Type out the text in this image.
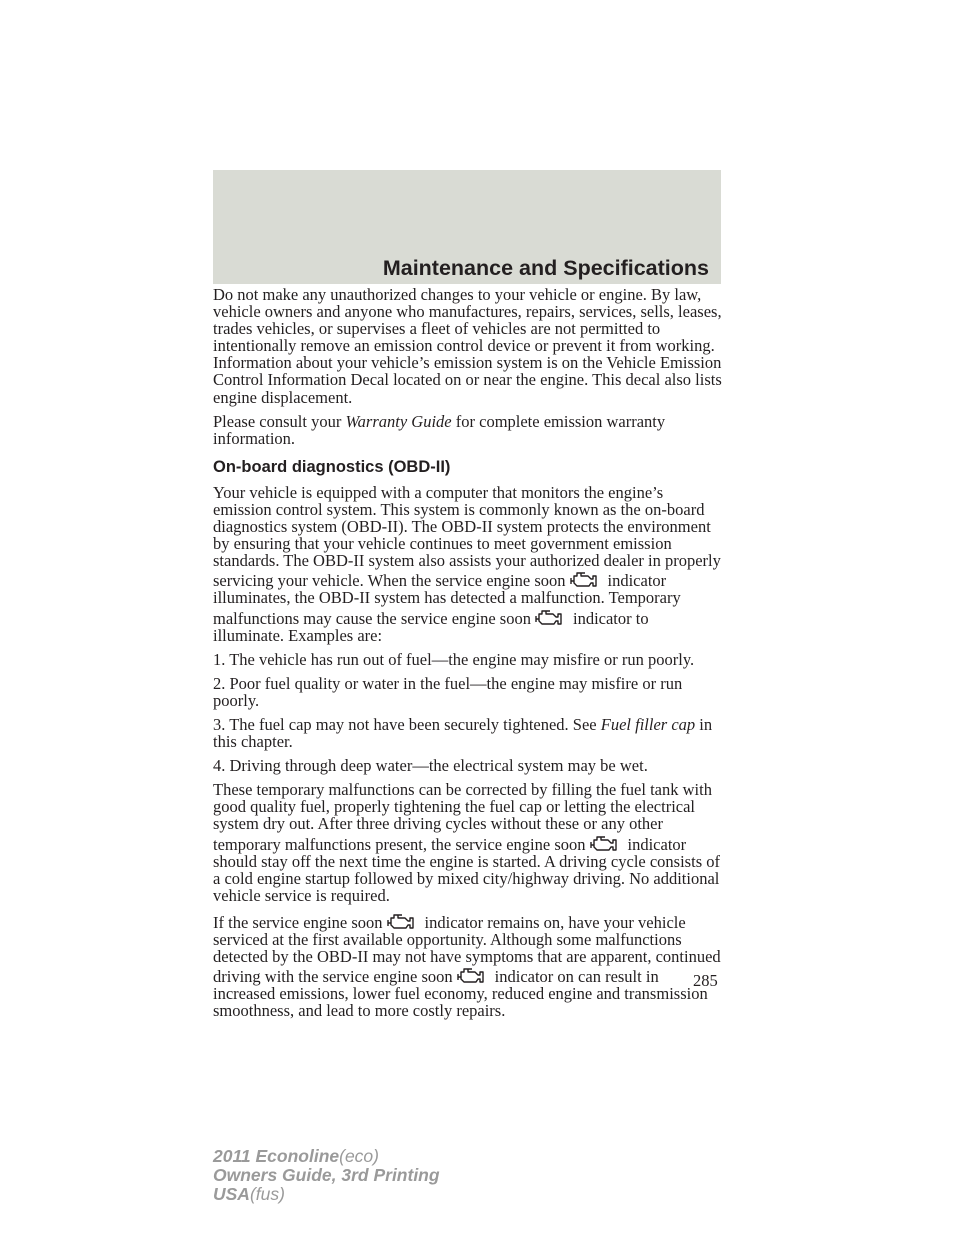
Maintenance and Specifications

Do not make any unauthorized changes to your vehicle or engine. By law, vehicle owners and anyone who manufactures, repairs, services, sells, leases, trades vehicles, or supervises a fleet of vehicles are not permitted to intentionally remove an emission control device or prevent it from working. Information about your vehicle’s emission system is on the Vehicle Emission Control Information Decal located on or near the engine. This decal also lists engine displacement.

Please consult your Warranty Guide for complete emission warranty information.

On-board diagnostics (OBD-II)

Your vehicle is equipped with a computer that monitors the engine’s emission control system. This system is commonly known as the on-board diagnostics system (OBD-II). The OBD-II system protects the environment by ensuring that your vehicle continues to meet government emission standards. The OBD-II system also assists your authorized dealer in properly servicing your vehicle. When the service engine soon	indicator illuminates, the OBD-II system has detected a malfunction. Temporary malfunctions may cause the service engine soon	indicator to illuminate. Examples are:

1. The vehicle has run out of fuel—the engine may misfire or run poorly.

2. Poor fuel quality or water in the fuel—the engine may misfire or run poorly.

3. The fuel cap may not have been securely tightened. See Fuel filler cap in this chapter.

4. Driving through deep water—the electrical system may be wet.

These temporary malfunctions can be corrected by filling the fuel tank with good quality fuel, properly tightening the fuel cap or letting the electrical system dry out. After three driving cycles without these or any other temporary malfunctions present, the service engine soon	indicator should stay off the next time the engine is started. A driving cycle consists of a cold engine startup followed by mixed city/highway driving. No additional vehicle service is required.

If the service engine soon	indicator remains on, have your vehicle serviced at the first available opportunity. Although some malfunctions detected by the OBD-II may not have symptoms that are apparent, continued driving with the service engine soon	indicator on can result in increased emissions, lower fuel economy, reduced engine and transmission smoothness, and lead to more costly repairs.

285
2011 Econoline(eco)
Owners Guide, 3rd Printing
USA(fus)
